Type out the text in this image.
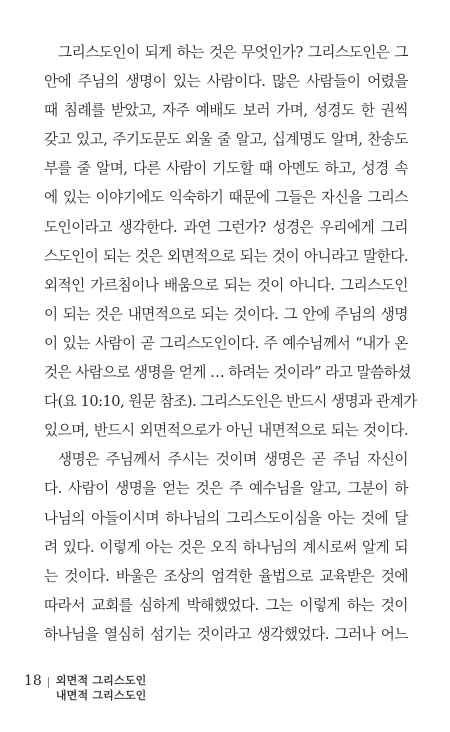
그리스도인이 되게 하는 것은 무엇인가? 그리스도인은 그
안에 주님의 생명이 있는 사람이다. 많은 사람들이 어렸을
때 침례를 받았고, 자주 예배도 보러 가며, 성경도 한 권씩
갖고 있고, 주기도문도 외울 줄 알고, 십계명도 알며, 찬송도
부를 줄 알며, 다른 사람이 기도할 때 아멘도 하고, 성경 속
에 있는 이야기에도 익숙하기 때문에 그들은 자신을 그리스
도인이라고 생각한다. 과연 그런가? 성경은 우리에게 그리
스도인이 되는 것은 외면적으로 되는 것이 아니라고 말한다.
외적인 가르침이나 배움으로 되는 것이 아니다. 그리스도인
이 되는 것은 내면적으로 되는 것이다. 그 안에 주님의 생명
이 있는 사람이 곧 그리스도인이다. 주 예수님께서 “내가 온
것은 사람으로 생명을 얻게 … 하려는 것이라” 라고 말씀하셨
다(요 10:10, 원문 참조). 그리스도인은 반드시 생명과 관계가
있으며, 반드시 외면적으로가 아닌 내면적으로 되는 것이다.
생명은 주님께서 주시는 것이며 생명은 곧 주님 자신이
다. 사람이 생명을 얻는 것은 주 예수님을 알고, 그분이 하
나님의 아들이시며 하나님의 그리스도이심을 아는 것에 달
려 있다. 이렇게 아는 것은 오직 하나님의 계시로써 알게 되
는 것이다. 바울은 조상의 엄격한 율법으로 교육받은 것에
따라서 교회를 심하게 박해했었다. 그는 이렇게 하는 것이
하나님을 열심히 섬기는 것이라고 생각했었다. 그러나 어느
18 외면적 그리스도인
내면적 그리스도인
